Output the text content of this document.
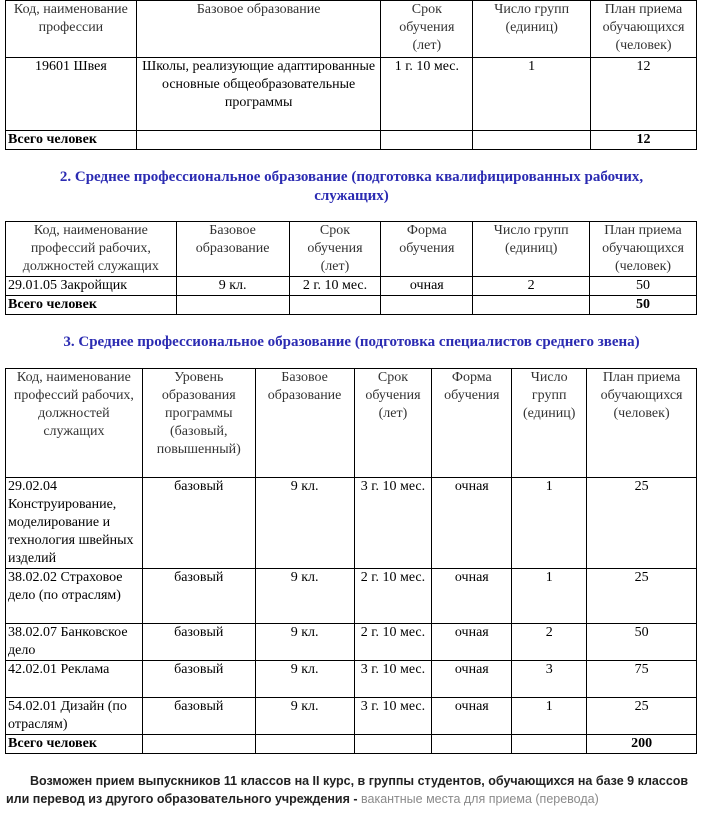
Код, наименование профессии	Базовое образование	Срок обучения (лет)	Число групп (единиц)	План приема обучающихся (человек)
19601 Швея	Школы, реализующие адаптированные основные общеобразовательные программы	1 г. 10 мес.	1	12
Всего человек				12
2. Среднее профессиональное образование (подготовка квалифицированных рабочих, служащих)
Код, наименование профессий рабочих, должностей служащих	Базовое образование	Срок обучения (лет)	Форма обучения	Число групп (единиц)	План приема обучающихся (человек)
29.01.05 Закройщик	9 кл.	2 г. 10 мес.	очная	2	50
Всего человек					50
3. Среднее профессиональное образование (подготовка специалистов среднего звена)
Код, наименование профессий рабочих, должностей служащих	Уровень образования программы (базовый, повышенный)	Базовое образование	Срок обучения (лет)	Форма обучения	Число групп (единиц)	План приема обучающихся (человек)
29.02.04 Конструирование, моделирование и технология швейных изделий	базовый	9 кл.	3 г. 10 мес.	очная	1	25
38.02.02 Страховое дело (по отраслям)	базовый	9 кл.	2 г. 10 мес.	очная	1	25
38.02.07 Банковское дело	базовый	9 кл.	2 г. 10 мес.	очная	2	50
42.02.01 Реклама	базовый	9 кл.	3 г. 10 мес.	очная	3	75
54.02.01 Дизайн (по отраслям)	базовый	9 кл.	3 г. 10 мес.	очная	1	25
Всего человек						200
Возможен прием выпускников 11 классов на II курс, в группы студентов, обучающихся на базе 9 классов или перевод из другого образовательного учреждения - вакантные места для приема (перевода)
